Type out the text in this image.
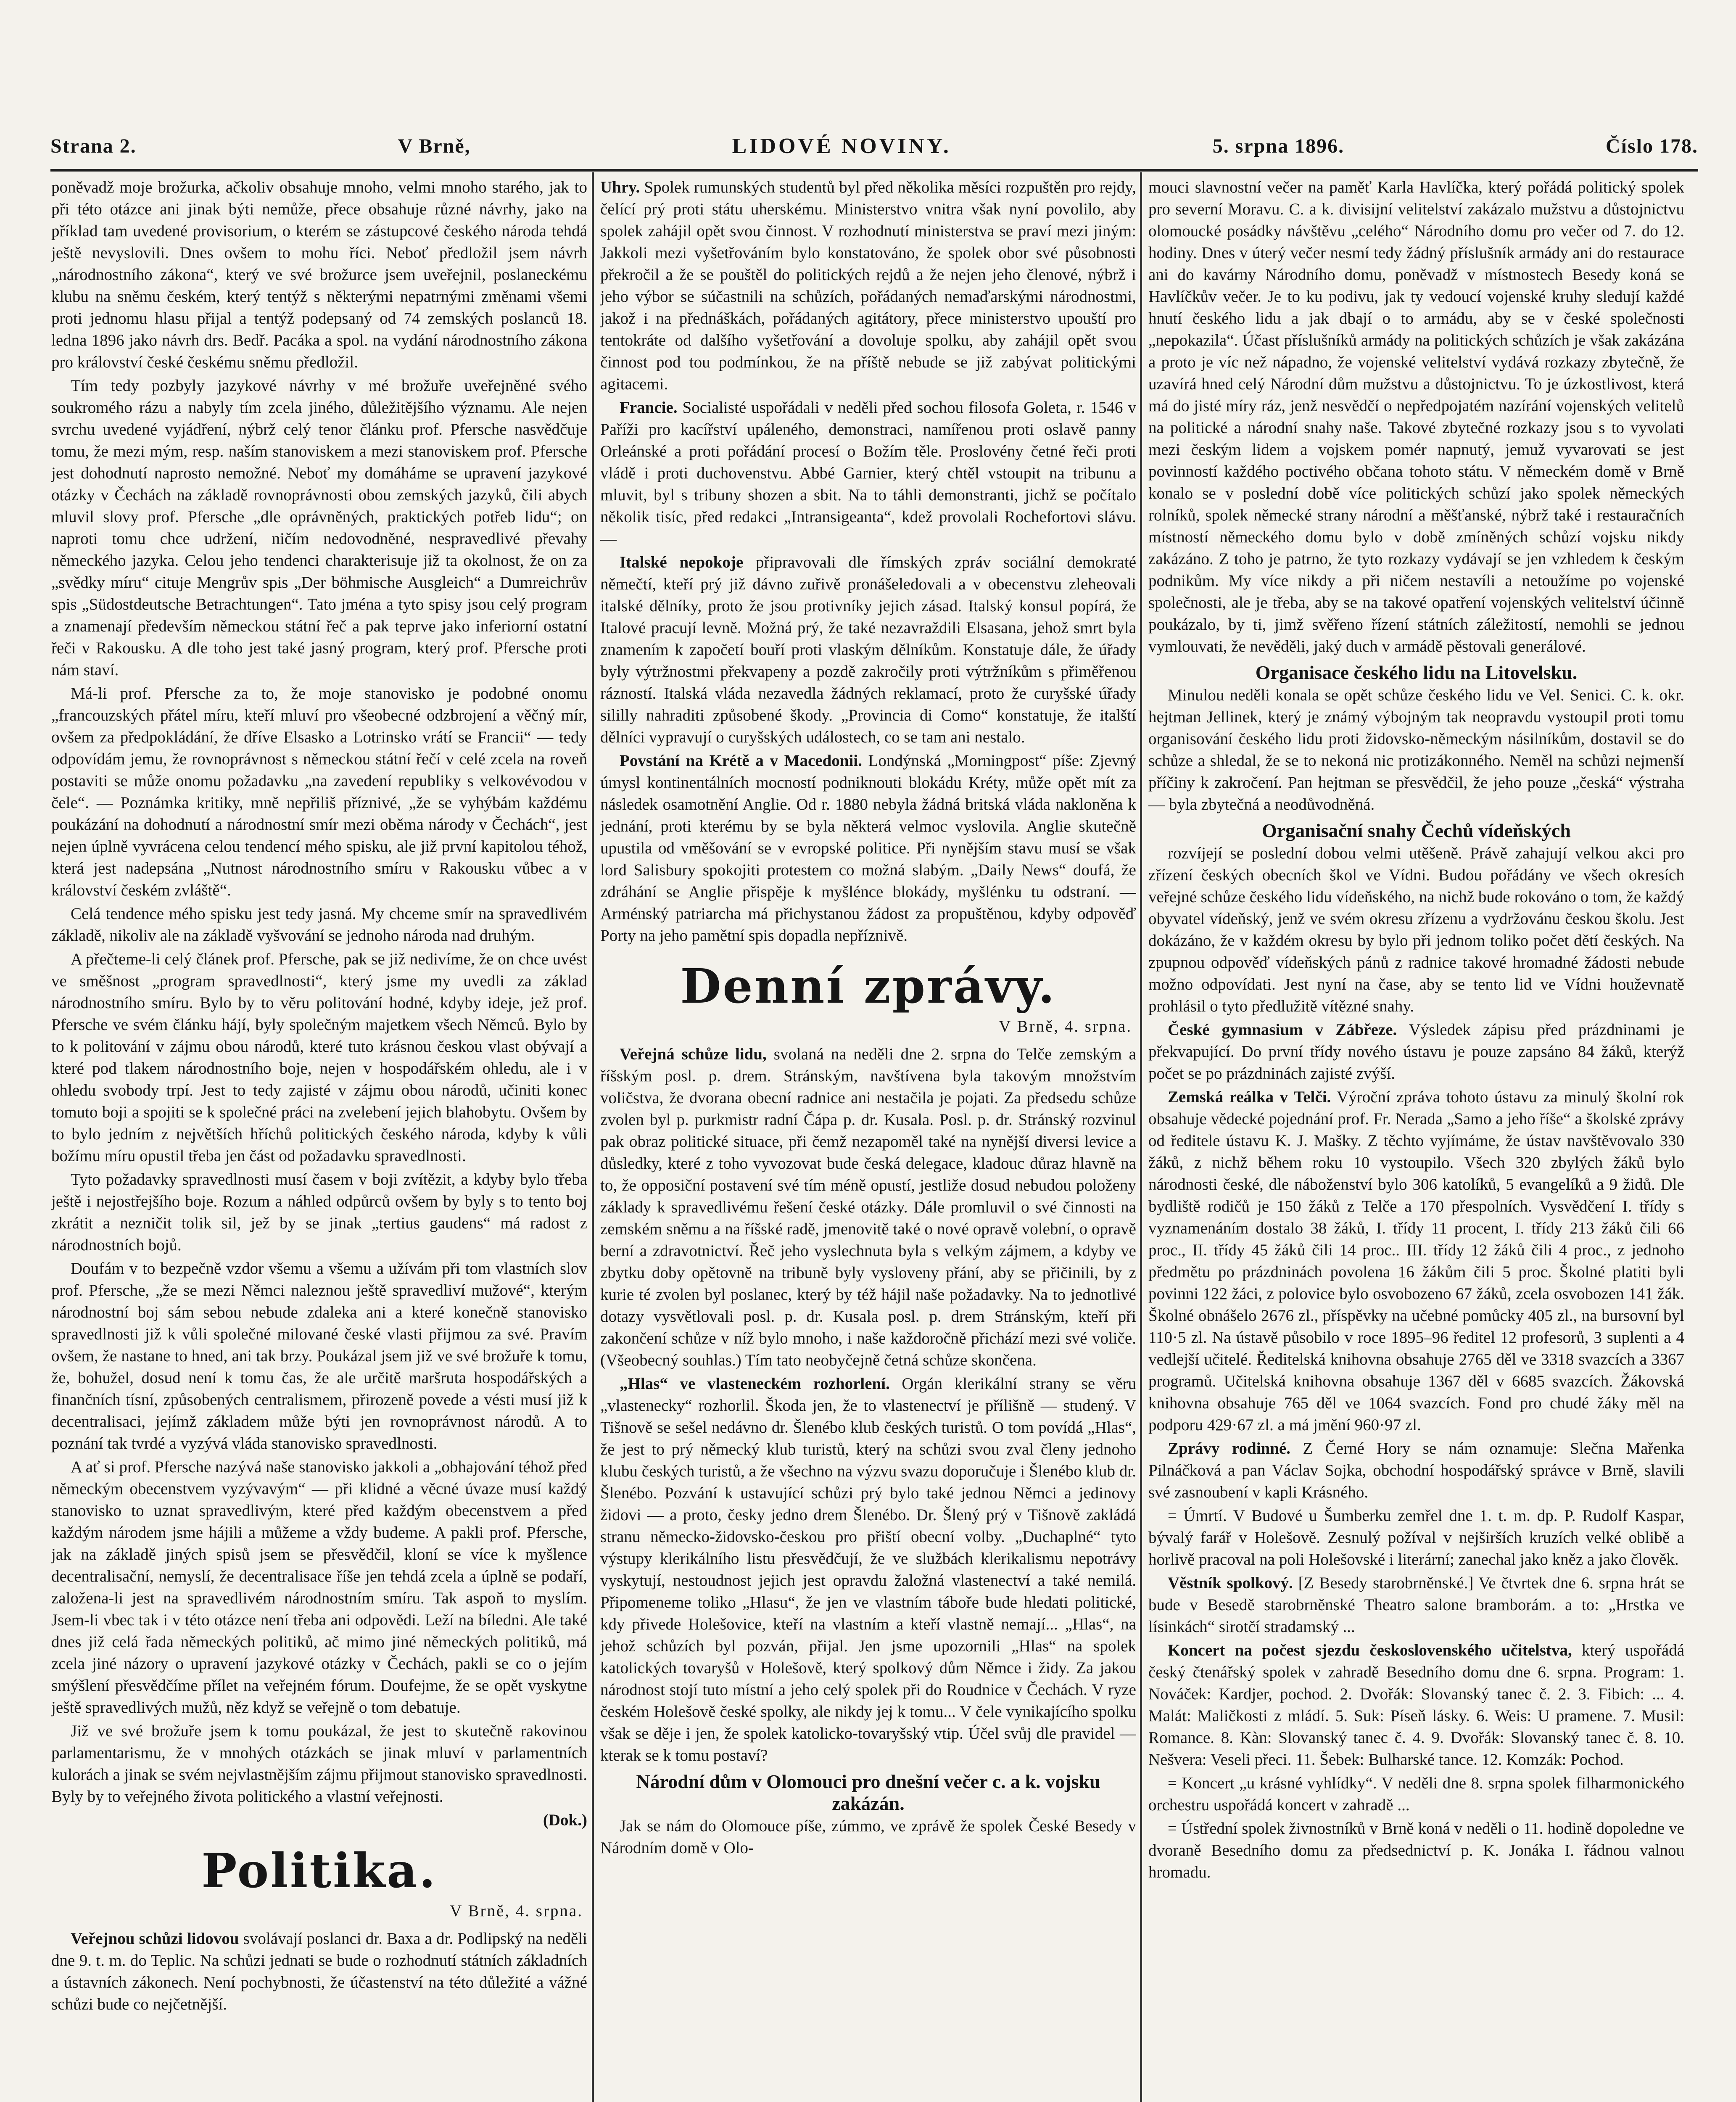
Strana 2.	V Brně,	LIDOVÉ NOVINY.	5. srpna 1896.	Číslo 178.

poněvadž moje brožurka, ačkoliv obsahuje mnoho, velmi mnoho starého, jak to při této otázce ani jinak býti nemůže, přece obsahuje různé návrhy, jako na příklad tam uvedené provisorium, o kterém se zástupcové českého národa tehdá ještě nevyslovili. Dnes ovšem to mohu říci. Neboť předložil jsem návrh „národnostního zákona“, který ve své brožurce jsem uveřejnil, poslaneckému klubu na sněmu českém, který tentýž s některými nepatrnými změnami všemi proti jednomu hlasu přijal a tentýž podepsaný od 74 zemských poslanců 18. ledna 1896 jako návrh drs. Bedř. Pacáka a spol. na vydání národnostního zákona pro království české českému sněmu předložil.

Tím tedy pozbyly jazykové návrhy v mé brožuře uveřejněné svého soukromého rázu a nabyly tím zcela jiného, důležitějšího významu. Ale nejen svrchu uvedené vyjádření, nýbrž celý tenor článku prof. Pfersche nasvědčuje tomu, že mezi mým, resp. naším stanoviskem a mezi stanoviskem prof. Pfersche jest dohodnutí naprosto nemožné. Neboť my domáháme se upravení jazykové otázky v Čechách na základě rovnoprávnosti obou zemských jazyků, čili abych mluvil slovy prof. Pfersche „dle oprávněných, praktických potřeb lidu“; on naproti tomu chce udržení, ničím nedovodněné, nespravedlivé převahy německého jazyka. Celou jeho tendenci charakterisuje již ta okolnost, že on za „svědky míru“ cituje Mengrův spis „Der böhmische Ausgleich“ a Dumreichrův spis „Südostdeutsche Betrachtungen“. Tato jména a tyto spisy jsou celý program a znamenají především německou státní řeč a pak teprve jako inferiorní ostatní řeči v Rakousku. A dle toho jest také jasný program, který prof. Pfersche proti nám staví.

Má-li prof. Pfersche za to, že moje stanovisko je podobné onomu „francouzských přátel míru, kteří mluví pro všeobecné odzbrojení a věčný mír, ovšem za předpokládání, že dříve Elsasko a Lotrinsko vrátí se Francii“ — tedy odpovídám jemu, že rovnoprávnost s německou státní řečí v celé zcela na roveň postaviti se může onomu požadavku „na zavedení republiky s velkovévodou v čele“. — Poznámka kritiky, mně nepřiliš příznivé, „že se vyhýbám každému poukázání na dohodnutí a národnostní smír mezi oběma národy v Čechách“, jest nejen úplně vyvrácena celou tendencí mého spisku, ale již první kapitolou téhož, která jest nadepsána „Nutnost národnostního smíru v Rakousku vůbec a v království českém zvláště“.

Celá tendence mého spisku jest tedy jasná. My chceme smír na spravedlivém základě, nikoliv ale na základě vyšvování se jednoho národa nad druhým.

A přečteme-li celý článek prof. Pfersche, pak se již nedivíme, že on chce uvést ve směšnost „program spravedlnosti“, který jsme my uvedli za základ národnostního smíru. Bylo by to věru politování hodné, kdyby ideje, jež prof. Pfersche ve svém článku hájí, byly společným majetkem všech Němců. Bylo by to k politování v zájmu obou národů, které tuto krásnou českou vlast obývají a které pod tlakem národnostního boje, nejen v hospodářském ohledu, ale i v ohledu svobody trpí. Jest to tedy zajisté v zájmu obou národů, učiniti konec tomuto boji a spojiti se k společné práci na zvelebení jejich blahobytu. Ovšem by to bylo jedním z největších hříchů politických českého národa, kdyby k vůli božímu míru opustil třeba jen část od požadavku spravedlnosti.

Tyto požadavky spravedlnosti musí časem v boji zvítězit, a kdyby bylo třeba ještě i nejostřejšího boje. Rozum a náhled odpůrců ovšem by byly s to tento boj zkrátit a nezničit tolik sil, jež by se jinak „tertius gaudens“ má radost z národnostních bojů.

Doufám v to bezpečně vzdor všemu a všemu a užívám při tom vlastních slov prof. Pfersche, „že se mezi Němci naleznou ještě spravedliví mužové“, kterým národnostní boj sám sebou nebude zdaleka ani a které konečně stanovisko spravedlnosti již k vůli společné milované české vlasti přijmou za své. Pravím ovšem, že nastane to hned, ani tak brzy. Poukázal jsem již ve své brožuře k tomu, že, bohužel, dosud není k tomu čas, že ale určitě maršruta hospodářských a finančních tísní, způsobených centralismem, přirozeně povede a vésti musí již k decentralisaci, jejímž základem může býti jen rovnoprávnost národů. A to poznání tak tvrdé a vyzývá vláda stanovisko spravedlnosti.

A ať si prof. Pfersche nazývá naše stanovisko jakkoli a „obhajování téhož před německým obecenstvem vyzývavým“ — při klidné a věcné úvaze musí každý stanovisko to uznat spravedlivým, které před každým obecenstvem a před každým národem jsme hájili a můžeme a vždy budeme. A pakli prof. Pfersche, jak na základě jiných spisů jsem se přesvědčil, kloní se více k myšlence decentralisační, nemyslí, že decentralisace říše jen tehdá zcela a úplně se podaří, založena-li jest na spravedlivém národnostním smíru. Tak aspoň to myslím. Jsem-li vbec tak i v této otázce není třeba ani odpovědi. Leží na bíledni. Ale také dnes již celá řada německých politiků, ač mimo jiné německých politiků, má zcela jiné názory o upravení jazykové otázky v Čechách, pakli se co o jejím smýšlení přesvědčíme přílet na veřejném fórum. Doufejme, že se opět vyskytne ještě spravedlivých mužů, něz když se veřejně o tom debatuje.

Již ve své brožuře jsem k tomu poukázal, že jest to skutečně rakovinou parlamentarismu, že v mnohých otázkách se jinak mluví v parlamentních kulorách a jinak se svém nejvlastnějším zájmu přijmout stanovisko spravedlnosti. Byly by to veřejného života politického a vlastní veřejnosti.

(Dok.)
Politika.
V Brně, 4. srpna.

Veřejnou schůzi lidovou svolávají poslanci dr. Baxa a dr. Podlipský na neděli dne 9. t. m. do Teplic. Na schůzi jednati se bude o rozhodnutí státních základních a ústavních zákonech. Není pochybnosti, že účastenství na této důležité a vážné schůzi bude co nejčetnější.

Uhry. Spolek rumunských studentů byl před několika měsíci rozpuštěn pro rejdy, čelící prý proti státu uherskému. Ministerstvo vnitra však nyní povolilo, aby spolek zahájil opět svou činnost. V rozhodnutí ministerstva se praví mezi jiným: Jakkoli mezi vyšetřováním bylo konstatováno, že spolek obor své působnosti překročil a že se pouštěl do politických rejdů a že nejen jeho členové, nýbrž i jeho výbor se súčastnili na schůzích, pořádaných nemaďarskými národnostmi, jakož i na přednáškách, pořádaných agitátory, přece ministerstvo upouští pro tentokráte od dalšího vyšetřování a dovoluje spolku, aby zahájil opět svou činnost pod tou podmínkou, že na příště nebude se již zabývat politickými agitacemi.

Francie. Socialisté uspořádali v neděli před sochou filosofa Goleta, r. 1546 v Paříži pro kacířství upáleného, demonstraci, namířenou proti oslavě panny Orleánské a proti pořádání procesí o Božím těle. Proslovény četné řeči proti vládě i proti duchovenstvu. Abbé Garnier, který chtěl vstoupit na tribunu a mluvit, byl s tribuny shozen a sbit. Na to táhli demonstranti, jichž se počítalo několik tisíc, před redakci „Intransigeanta“, kdež provolali Rochefortovi slávu. —

Italské nepokoje připravovali dle římských zpráv sociální demokraté němečtí, kteří prý již dávno zuřivě pronášeledovali a v obecenstvu zleheovali italské dělníky, proto že jsou protivníky jejich zásad. Italský konsul popírá, že Italové pracují levně. Možná prý, že také nezavraždili Elsasana, jehož smrt byla znamením k započetí bouří proti vlaským dělníkům. Konstatuje dále, že úřady byly výtržnostmi překvapeny a pozdě zakročily proti výtržníkům s přiměřenou rázností. Italská vláda nezavedla žádných reklamací, proto že curyšské úřady sililly nahraditi způsobené škody. „Provincia di Como“ konstatuje, že italští dělníci vypravují o curyšských událostech, co se tam ani nestalo.

Povstání na Krétě a v Macedonii. Londýnská „Morningpost“ píše: Zjevný úmysl kontinentálních mocností podniknouti blokádu Kréty, může opět mít za následek osamotnění Anglie. Od r. 1880 nebyla žádná britská vláda nakloněna k jednání, proti kterému by se byla některá velmoc vyslovila. Anglie skutečně upustila od vměšování se v evropské politice. Při nynějším stavu musí se však lord Salisbury spokojiti protestem co možná slabým. „Daily News“ doufá, že zdráhání se Anglie přispěje k myšlénce blokády, myšlénku tu odstraní. — Arménský patriarcha má přichystanou žádost za propuštěnou, kdyby odpověď Porty na jeho pamětní spis dopadla nepříznivě.

Denní zprávy.
V Brně, 4. srpna.

Veřejná schůze lidu, svolaná na neděli dne 2. srpna do Telče zemským a říšským posl. p. drem. Stránským, navštívena byla takovým množstvím voličstva, že dvorana obecní radnice ani nestačila je pojati. Za předsedu schůze zvolen byl p. purkmistr radní Čápa p. dr. Kusala. Posl. p. dr. Stránský rozvinul pak obraz politické situace, při čemž nezapoměl také na nynější diversi levice a důsledky, které z toho vyvozovat bude česká delegace, kladouc důraz hlavně na to, že opposiční postavení své tím méně opustí, jestliže dosud nebudou položeny základy k spravedlivému řešení české otázky. Dále promluvil o své činnosti na zemském sněmu a na říšské radě, jmenovitě také o nové opravě volební, o opravě berní a zdravotnictví. Řeč jeho vyslechnuta byla s velkým zájmem, a kdyby ve zbytku doby opětovně na tribuně byly vysloveny přání, aby se přičinili, by z kurie té zvolen byl poslanec, který by též hájil naše požadavky. Na to jednotlivé dotazy vysvětlovali posl. p. dr. Kusala posl. p. drem Stránským, kteří při zakončení schůze v níž bylo mnoho, i naše každoročně přichází mezi své voliče. (Všeobecný souhlas.) Tím tato neobyčejně četná schůze skončena.

„Hlas“ ve vlasteneckém rozhorlení. Orgán klerikální strany se věru „vlastenecky“ rozhorlil. Škoda jen, že to vlastenectví je přílišně — studený. V Tišnově se sešel nedávno dr. Šlenébo klub českých turistů. O tom povídá „Hlas“, že jest to prý německý klub turistů, který na schůzi svou zval členy jednoho klubu českých turistů, a že všechno na výzvu svazu doporučuje i Šlenébo klub dr. Šlenébo. Pozvání k ustavující schůzi prý bylo také jednou Němci a jedinovy židovi — a proto, česky jedno drem Šlenébo. Dr. Šlený prý v Tišnově zakládá stranu německo-židovsko-českou pro přiští obecní volby. „Duchaplné“ tyto výstupy klerikálního listu přesvědčují, že ve službách klerikalismu nepotrávy vyskytují, nestoudnost jejich jest opravdu žaložná vlastenectví a také nemilá. Připomeneme toliko „Hlasu“, že jen ve vlastním táboře bude hledati politické, kdy přivede Holešovice, kteří na vlastním a kteří vlastně nemají... „Hlas“, na jehož schůzích byl pozván, přijal. Jen jsme upozornili „Hlas“ na spolek katolických tovaryšů v Holešově, který spolkový dům Němce i židy. Za jakou národnost stojí tuto místní a jeho celý spolek při do Roudnice v Čechách. V ryze českém Holešově české spolky, ale nikdy jej k tomu... V čele vynikajícího spolku však se děje i jen, že spolek katolicko-tovaryšský vtip. Účel svůj dle pravidel — kterak se k tomu postaví?

Národní dům v Olomouci pro dnešní večer c. a k. vojsku zakázán.

Jak se nám do Olomouce píše, zúmmo, ve zprávě že spolek České Besedy v Národním domě v Olo-

mouci slavnostní večer na paměť Karla Havlíčka, který pořádá politický spolek pro severní Moravu. C. a k. divisijní velitelství zakázalo mužstvu a důstojnictvu olomoucké posádky návštěvu „celého“ Národního domu pro večer od 7. do 12. hodiny. Dnes v úterý večer nesmí tedy žádný příslušník armády ani do restaurace ani do kavárny Národního domu, poněvadž v místnostech Besedy koná se Havlíčkův večer. Je to ku podivu, jak ty vedoucí vojenské kruhy sledují každé hnutí českého lidu a jak dbají o to armádu, aby se v české společnosti „nepokazila“. Účast příslušníků armády na politických schůzích je však zakázána a proto je víc než nápadno, že vojenské velitelství vydává rozkazy zbytečně, že uzavírá hned celý Národní dům mužstvu a důstojnictvu. To je úzkostlivost, která má do jisté míry ráz, jenž nesvědčí o nepředpojatém nazírání vojenských velitelů na politické a národní snahy naše. Takové zbytečné rozkazy jsou s to vyvolati mezi českým lidem a vojskem pomér napnutý, jemuž vyvarovati se jest povinností každého poctivého občana tohoto státu. V německém domě v Brně konalo se v poslední době více politických schůzí jako spolek německých rolníků, spolek německé strany národní a měšťanské, nýbrž také i restauračních místností německého domu bylo v době zmíněných schůzí vojsku nikdy zakázáno. Z toho je patrno, že tyto rozkazy vydávají se jen vzhledem k českým podnikům. My více nikdy a při ničem nestavíli a netoužíme po vojenské společnosti, ale je třeba, aby se na takové opatření vojenských velitelství účinně poukázalo, by ti, jimž svěřeno řízení státních záležitostí, nemohli se jednou vymlouvati, že nevěděli, jaký duch v armádě pěstovali generálové.

Organisace českého lidu na Litovelsku.

Minulou neděli konala se opět schůze českého lidu ve Vel. Senici. C. k. okr. hejtman Jellinek, který je známý výbojným tak neopravdu vystoupil proti tomu organisování českého lidu proti židovsko-německým násilníkům, dostavil se do schůze a shledal, že se to nekoná nic protizákonného. Neměl na schůzi nejmenší příčiny k zakročení. Pan hejtman se přesvědčil, že jeho pouze „česká“ výstraha — byla zbytečná a neodůvodněná.

Organisační snahy Čechů vídeňských

rozvíjejí se poslední dobou velmi utěšeně. Právě zahajují velkou akci pro zřízení českých obecních škol ve Vídni. Budou pořádány ve všech okresích veřejné schůze českého lidu vídeňského, na nichž bude rokováno o tom, že každý obyvatel vídeňský, jenž ve svém okresu zřízenu a vydržovánu českou školu. Jest dokázáno, že v každém okresu by bylo při jednom toliko počet dětí českých. Na zpupnou odpověď vídeňských pánů z radnice takové hromadné žádosti nebude možno odpovídati. Jest nyní na čase, aby se tento lid ve Vídni houževnatě prohlásil o tyto předlužitě vítězné snahy.

České gymnasium v Zábřeze. Výsledek zápisu před prázdninami je překvapující. Do první třídy nového ústavu je pouze zapsáno 84 žáků, kterýž počet se po prázdninách zajisté zvýší.

Zemská reálka v Telči. Výroční zpráva tohoto ústavu za minulý školní rok obsahuje vědecké pojednání prof. Fr. Nerada „Samo a jeho říše“ a školské zprávy od ředitele ústavu K. J. Mašky. Z těchto vyjímáme, že ústav navštěvovalo 330 žáků, z nichž během roku 10 vystoupilo. Všech 320 zbylých žáků bylo národnosti české, dle náboženství bylo 306 katolíků, 5 evangelíků a 9 židů. Dle bydliště rodičů je 150 žáků z Telče a 170 přespolních. Vysvědčení I. třídy s vyznamenáním dostalo 38 žáků, I. třídy 11 procent, I. třídy 213 žáků čili 66 proc., II. třídy 45 žáků čili 14 proc.. III. třídy 12 žáků čili 4 proc., z jednoho předmětu po prázdninách povolena 16 žákům čili 5 proc. Školné platiti byli povinni 122 žáci, z polovice bylo osvobozeno 67 žáků, zcela osvobozen 141 žák. Školné obnášelo 2676 zl., příspěvky na učebné pomůcky 405 zl., na bursovní byl 110·5 zl. Na ústavě působilo v roce 1895–96 ředitel 12 profesorů, 3 suplenti a 4 vedlejší učitelé. Ředitelská knihovna obsahuje 2765 děl ve 3318 svazcích a 3367 programů. Učitelská knihovna obsahuje 1367 děl v 6685 svazcích. Žákovská knihovna obsahuje 765 děl ve 1064 svazcích. Fond pro chudé žáky měl na podporu 429·67 zl. a má jmění 960·97 zl.

Zprávy rodinné. Z Černé Hory se nám oznamuje: Slečna Mařenka Pilnáčková a pan Václav Sojka, obchodní hospodářský správce v Brně, slavili své zasnoubení v kapli Krásného.

= Úmrtí. V Budové u Šumberku zemřel dne 1. t. m. dp. P. Rudolf Kaspar, bývalý farář v Holešově. Zesnulý požíval v nejširších kruzích velké oblibě a horlivě pracoval na poli Holešovské i literární; zanechal jako kněz a jako člověk.

Věstník spolkový. [Z Besedy starobrněnské.] Ve čtvrtek dne 6. srpna hrát se bude v Besedě starobrněnské Theatro salone bramborám. a to: „Hrstka ve lísinkách“ sirotčí stradamský ...

Koncert na počest sjezdu československého učitelstva, který uspořádá český čtenářský spolek v zahradě Besedního domu dne 6. srpna. Program: 1. Nováček: Kardjer, pochod. 2. Dvořák: Slovanský tanec č. 2. 3. Fibich: ... 4. Malát: Maličkosti z mládí. 5. Suk: Píseň lásky. 6. Weis: U pramene. 7. Musil: Romance. 8. Kàn: Slovanský tanec č. 4. 9. Dvořák: Slovanský tanec č. 8. 10. Nešvera: Veseli přeci. 11. Šebek: Bulharské tance. 12. Komzák: Pochod.

= Koncert „u krásné vyhlídky“. V neděli dne 8. srpna spolek filharmonického orchestru uspořádá koncert v zahradě ...

= Ústřední spolek živnostníků v Brně koná v neděli o 11. hodině dopoledne ve dvoraně Besedního domu za předsednictví p. K. Jonáka I. řádnou valnou hromadu.
